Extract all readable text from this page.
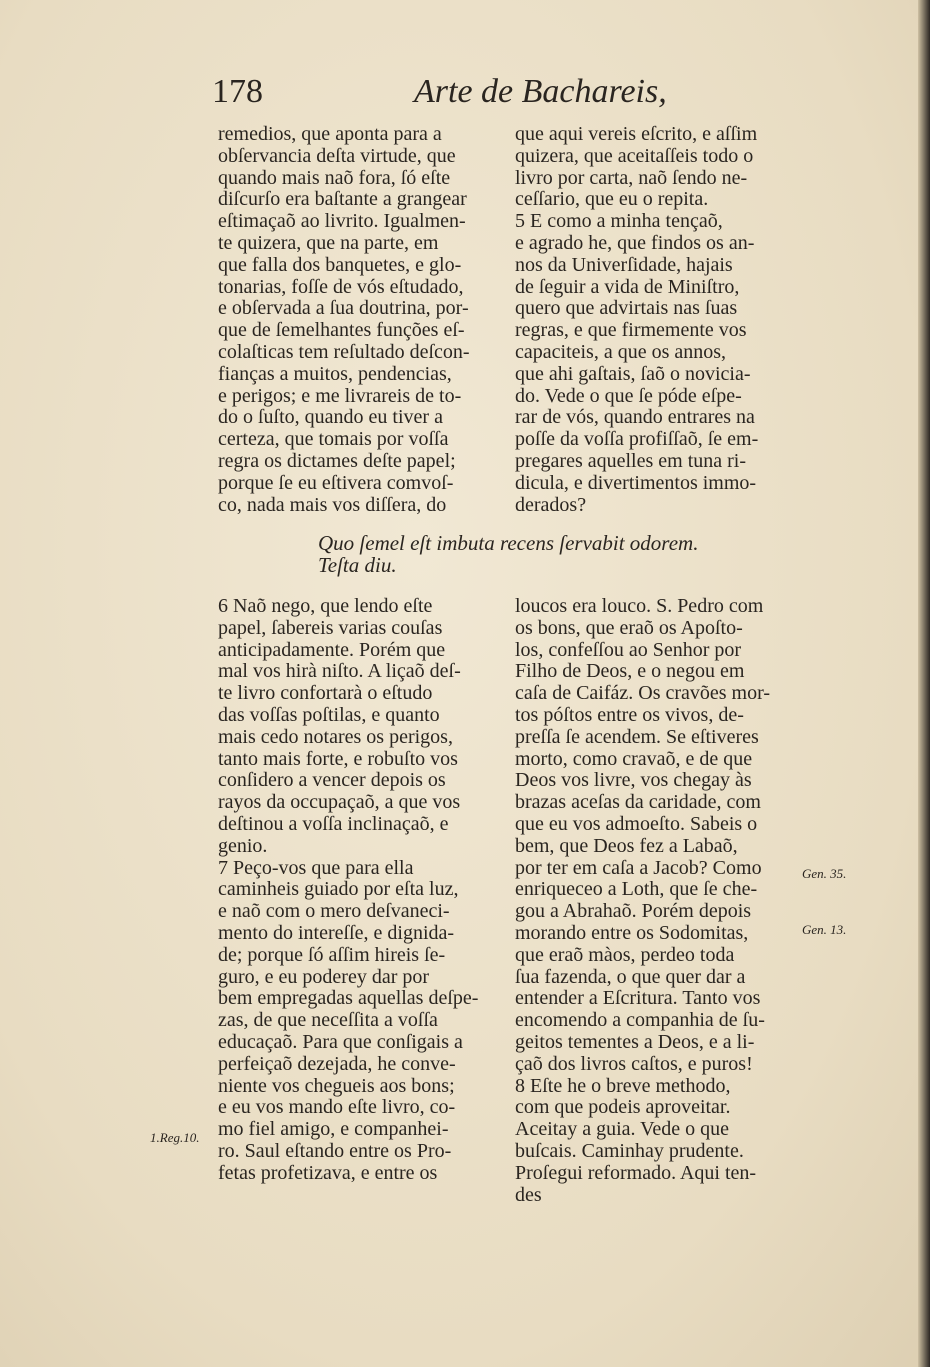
178	Arte de Bachareis,
remedios, que aponta para a
obſervancia deſta virtude, que
quando mais naõ fora, ſó eſte
diſcurſo era baſtante a grangear
eſtimaçaõ ao livrito. Igualmen-
te quizera, que na parte, em
que falla dos banquetes, e glo-
tonarias, foſſe de vós eſtudado,
e obſervada a ſua doutrina, por-
que de ſemelhantes funções eſ-
colaſticas tem reſultado deſcon-
fianças a muitos, pendencias,
e perigos; e me livrareis de to-
do o ſuſto, quando eu tiver a
certeza, que tomais por voſſa
regra os dictames deſte papel;
porque ſe eu eſtivera comvoſ-
co, nada mais vos diſſera, do
que aqui vereis eſcrito, e aſſim
quizera, que aceitaſſeis todo o
livro por carta, naõ ſendo ne-
ceſſario, que eu o repita.
5 E como a minha tençaõ,
e agrado he, que findos os an-
nos da Univerſidade, hajais
de ſeguir a vida de Miniſtro,
quero que advirtais nas ſuas
regras, e que firmemente vos
capaciteis, a que os annos,
que ahi gaſtais, ſaõ o novicia-
do. Vede o que ſe póde eſpe-
rar de vós, quando entrares na
poſſe da voſſa profiſſaõ, ſe em-
pregares aquelles em tuna ri-
dicula, e divertimentos immo-
derados?
Quo ſemel eſt imbuta recens ſervabit odorem.
Teſta diu.
6 Naõ nego, que lendo eſte
papel, ſabereis varias couſas
anticipadamente. Porém que
mal vos hirà niſto. A liçaõ deſ-
te livro confortarà o eſtudo
das voſſas poſtilas, e quanto
mais cedo notares os perigos,
tanto mais forte, e robuſto vos
conſidero a vencer depois os
rayos da occupaçaõ, a que vos
deſtinou a voſſa inclinaçaõ, e
genio.
7 Peço-vos que para ella
caminheis guiado por eſta luz,
e naõ com o mero deſvaneci-
mento do intereſſe, e dignida-
de; porque ſó aſſim hireis ſe-
guro, e eu poderey dar por
bem empregadas aquellas deſpe-
zas, de que neceſſita a voſſa
educaçaõ. Para que conſigais a
perfeiçaõ dezejada, he conve-
niente vos chegueis aos bons;
e eu vos mando eſte livro, co-
mo fiel amigo, e companhei-
ro. Saul eſtando entre os Pro-
fetas profetizava, e entre os
loucos era louco. S. Pedro com
os bons, que eraõ os Apoſto-
los, confeſſou ao Senhor por
Filho de Deos, e o negou em
caſa de Caifáz. Os cravões mor-
tos póſtos entre os vivos, de-
preſſa ſe acendem. Se eſtiveres
morto, como cravaõ, e de que
Deos vos livre, vos chegay às
brazas aceſas da caridade, com
que eu vos admoeſto. Sabeis o
bem, que Deos fez a Labaõ,
por ter em caſa a Jacob? Como
enriqueceo a Loth, que ſe che-
gou a Abrahaõ. Porém depois
morando entre os Sodomitas,
que eraõ màos, perdeo toda
ſua fazenda, o que quer dar a
entender a Eſcritura. Tanto vos
encomendo a companhia de ſu-
geitos tementes a Deos, e a li-
çaõ dos livros caſtos, e puros!
8 Eſte he o breve methodo,
com que podeis aproveitar.
Aceitay a guia. Vede o que
buſcais. Caminhay prudente.
Proſegui reformado. Aqui ten-
des
1.Reg.10.
Gen. 35.
Gen. 13.
